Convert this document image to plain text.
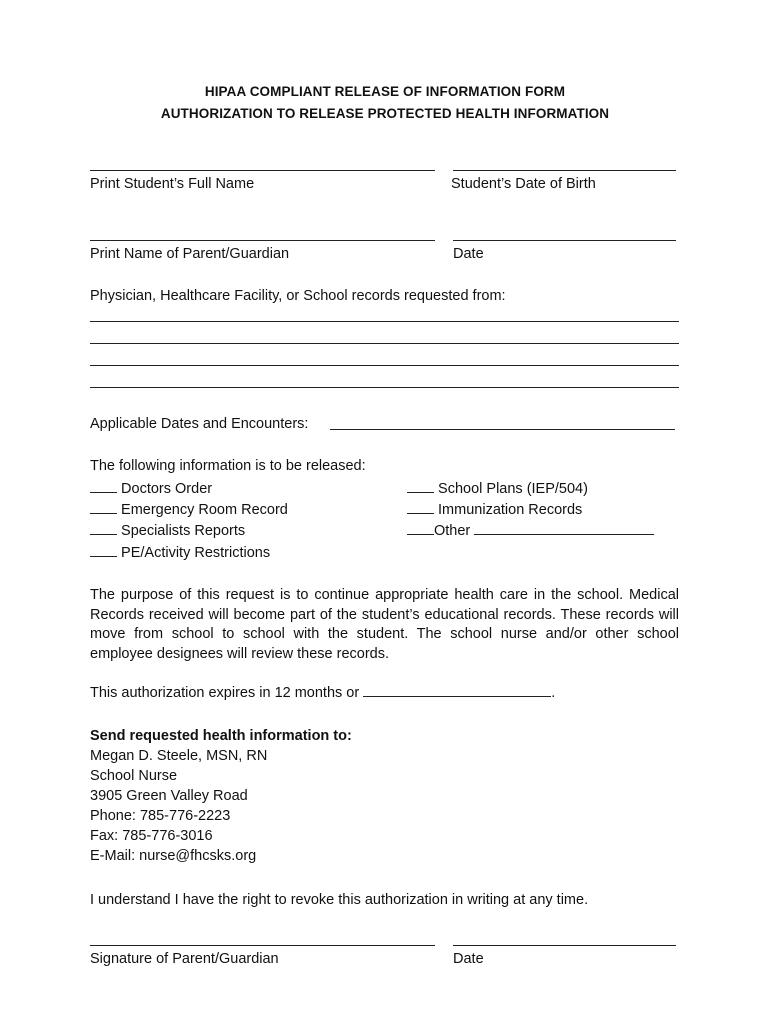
HIPAA COMPLIANT RELEASE OF INFORMATION FORM
AUTHORIZATION TO RELEASE PROTECTED HEALTH INFORMATION
Print Student’s Full Name	Student’s Date of Birth
Print Name of Parent/Guardian	Date
Physician, Healthcare Facility, or School records requested from:
Applicable Dates and Encounters:
The following information is to be released:
Doctors Order
Emergency Room Record
Specialists Reports
PE/Activity Restrictions
School Plans (IEP/504)
Immunization Records
Other
The purpose of this request is to continue appropriate health care in the school. Medical Records received will become part of the student’s educational records. These records will move from school to school with the student. The school nurse and/or other school employee designees will review these records.
This authorization expires in 12 months or	.
Send requested health information to:
Megan D. Steele, MSN, RN
School Nurse
3905 Green Valley Road
Phone: 785-776-2223
Fax: 785-776-3016
E-Mail: nurse@fhcsks.org
I understand I have the right to revoke this authorization in writing at any time.
Signature of Parent/Guardian	Date
